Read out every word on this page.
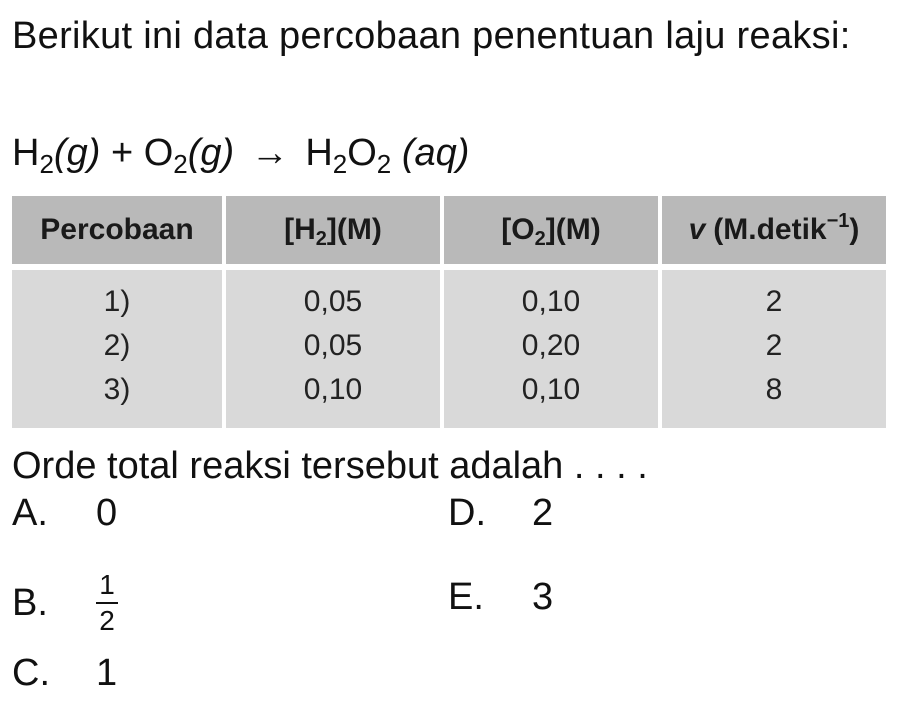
Berikut ini data percobaan penentuan laju reaksi:
$H_2(g) + O_2(g) \to H_2O_2$ (aq)
Percobaan	$[H_2](M)$	$[O_2](M)$	v (M.detik$^{-1}$)
1)	0,05	0,10	2
2)	0,05	0,20	2
3)	0,10	0,10	8
Orde total reaksi tersebut adalah . . . .
A.	0
B.	$\frac{1}{2}$
C.	1
D.	2
E.	3
